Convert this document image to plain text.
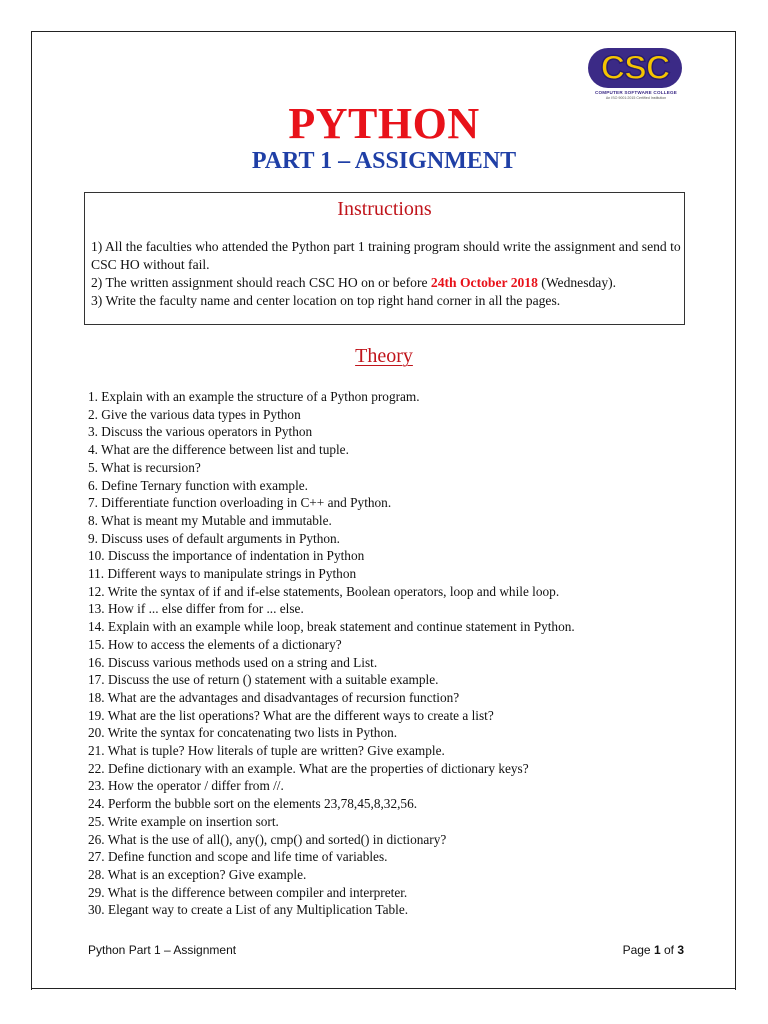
CSC
COMPUTER SOFTWARE COLLEGE
An ISO 9001:2015 Certified Institution
PYTHON
PART 1 – ASSIGNMENT
Instructions
1) All the faculties who attended the Python part 1 training program should write the assignment and send to CSC HO without fail.
2) The written assignment should reach CSC HO on or before 24th October 2018 (Wednesday).
3) Write the faculty name and center location on top right hand corner in all the pages.
Theory
1. Explain with an example the structure of a Python program.
2. Give the various data types in Python
3. Discuss the various operators in Python
4. What are the difference between list and tuple.
5. What is recursion?
6. Define Ternary function with example.
7. Differentiate function overloading in C++ and Python.
8. What is meant my Mutable and immutable.
9. Discuss uses of default arguments in Python.
10. Discuss the importance of indentation in Python
11. Different ways to manipulate strings in Python
12. Write the syntax of if and if-else statements, Boolean operators, loop and while loop.
13. How if ... else differ from for ... else.
14. Explain with an example while loop, break statement and continue statement in Python.
15. How to access the elements of a dictionary?
16. Discuss various methods used on a string and List.
17. Discuss the use of return () statement with a suitable example.
18. What are the advantages and disadvantages of recursion function?
19. What are the list operations? What are the different ways to create a list?
20. Write the syntax for concatenating two lists in Python.
21. What is tuple? How literals of tuple are written? Give example.
22. Define dictionary with an example. What are the properties of dictionary keys?
23. How the operator / differ from //.
24. Perform the bubble sort on the elements 23,78,45,8,32,56.
25. Write example on insertion sort.
26. What is the use of all(), any(), cmp() and sorted() in dictionary?
27. Define function and scope and life time of variables.
28. What is an exception? Give example.
29. What is the difference between compiler and interpreter.
30. Elegant way to create a List of any Multiplication Table.
Python Part 1 – Assignment	Page 1 of 3
